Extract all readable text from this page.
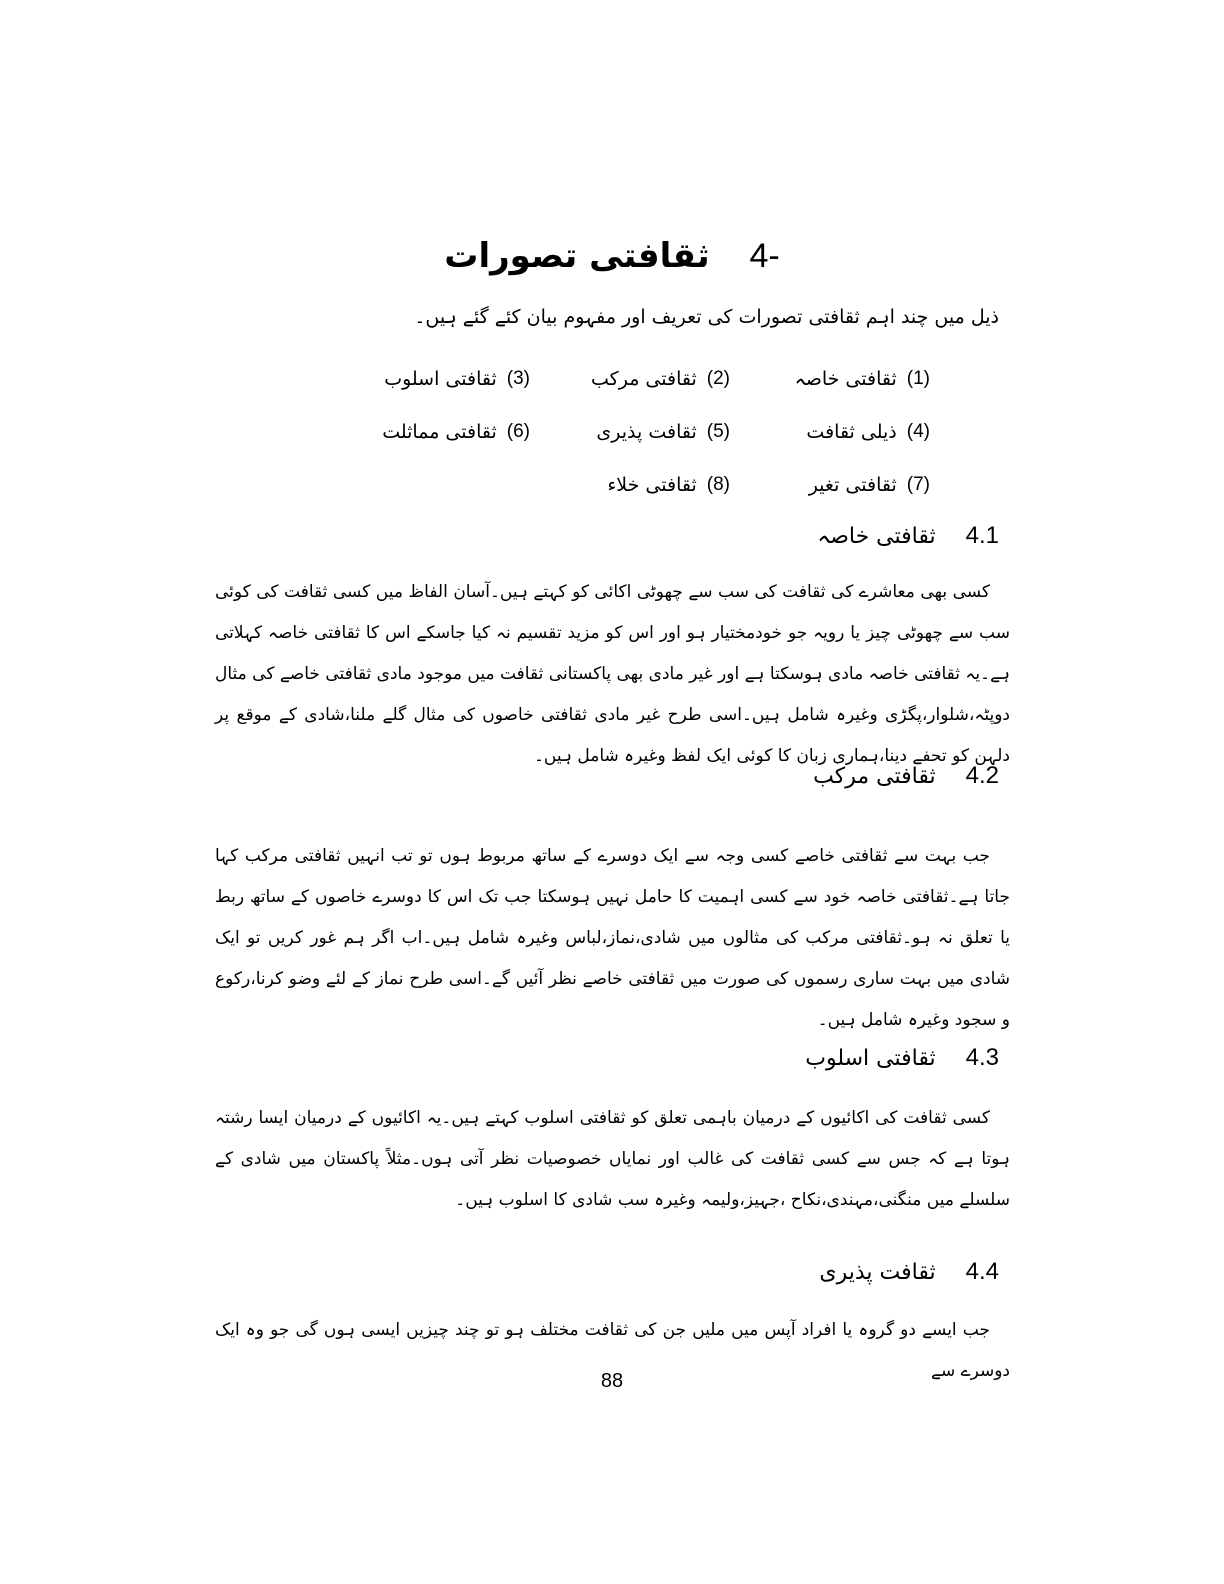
4- ثقافتی تصورات
ذیل میں چند اہم ثقافتی تصورات کی تعریف اور مفہوم بیان کئے گئے ہیں۔
(1)
ثقافتی خاصہ
(2)
ثقافتی مرکب
(3)
ثقافتی اسلوب
(4)
ذیلی ثقافت
(5)
ثقافت پذیری
(6)
ثقافتی مماثلت
(7)
ثقافتی تغیر
(8)
ثقافتی خلاء
4.1
ثقافتی خاصہ

کسی بھی معاشرے کی ثقافت کی سب سے چھوٹی اکائی کو کہتے ہیں۔آسان الفاظ میں کسی ثقافت کی کوئی سب سے چھوٹی چیز یا رویہ جو خودمختیار ہو اور اس کو مزید تقسیم نہ کیا جاسکے اس کا ثقافتی خاصہ کہلاتی ہے۔یہ ثقافتی خاصہ مادی ہوسکتا ہے اور غیر مادی بھی پاکستانی ثقافت میں موجود مادی ثقافتی خاصے کی مثال دوپٹہ،شلوار،پگڑی وغیرہ شامل ہیں۔اسی طرح غیر مادی ثقافتی خاصوں کی مثال گلے ملنا،شادی کے موقع پر دلہن کو تحفے دینا،ہماری زبان کا کوئی ایک لفظ وغیرہ شامل ہیں۔

4.2
ثقافتی مرکب

جب بہت سے ثقافتی خاصے کسی وجہ سے ایک دوسرے کے ساتھ مربوط ہوں تو تب انہیں ثقافتی مرکب کہا جاتا ہے۔ثقافتی خاصہ خود سے کسی اہمیت کا حامل نہیں ہوسکتا جب تک اس کا دوسرے خاصوں کے ساتھ ربط یا تعلق نہ ہو۔ثقافتی مرکب کی مثالوں میں شادی،نماز،لباس وغیرہ شامل ہیں۔اب اگر ہم غور کریں تو ایک شادی میں بہت ساری رسموں کی صورت میں ثقافتی خاصے نظر آئیں گے۔اسی طرح نماز کے لئے وضو کرنا،رکوع و سجود وغیرہ شامل ہیں۔

4.3
ثقافتی اسلوب

کسی ثقافت کی اکائیوں کے درمیان باہمی تعلق کو ثقافتی اسلوب کہتے ہیں۔یہ اکائیوں کے درمیان ایسا رشتہ ہوتا ہے کہ جس سے کسی ثقافت کی غالب اور نمایاں خصوصیات نظر آتی ہوں۔مثلاً پاکستان میں شادی کے سلسلے میں منگنی،مہندی،نکاح ،جہیز،ولیمہ وغیرہ سب شادی کا اسلوب ہیں۔

4.4
ثقافت پذیری

جب ایسے دو گروہ یا افراد آپس میں ملیں جن کی ثقافت مختلف ہو تو چند چیزیں ایسی ہوں گی جو وہ ایک دوسرے سے

88
